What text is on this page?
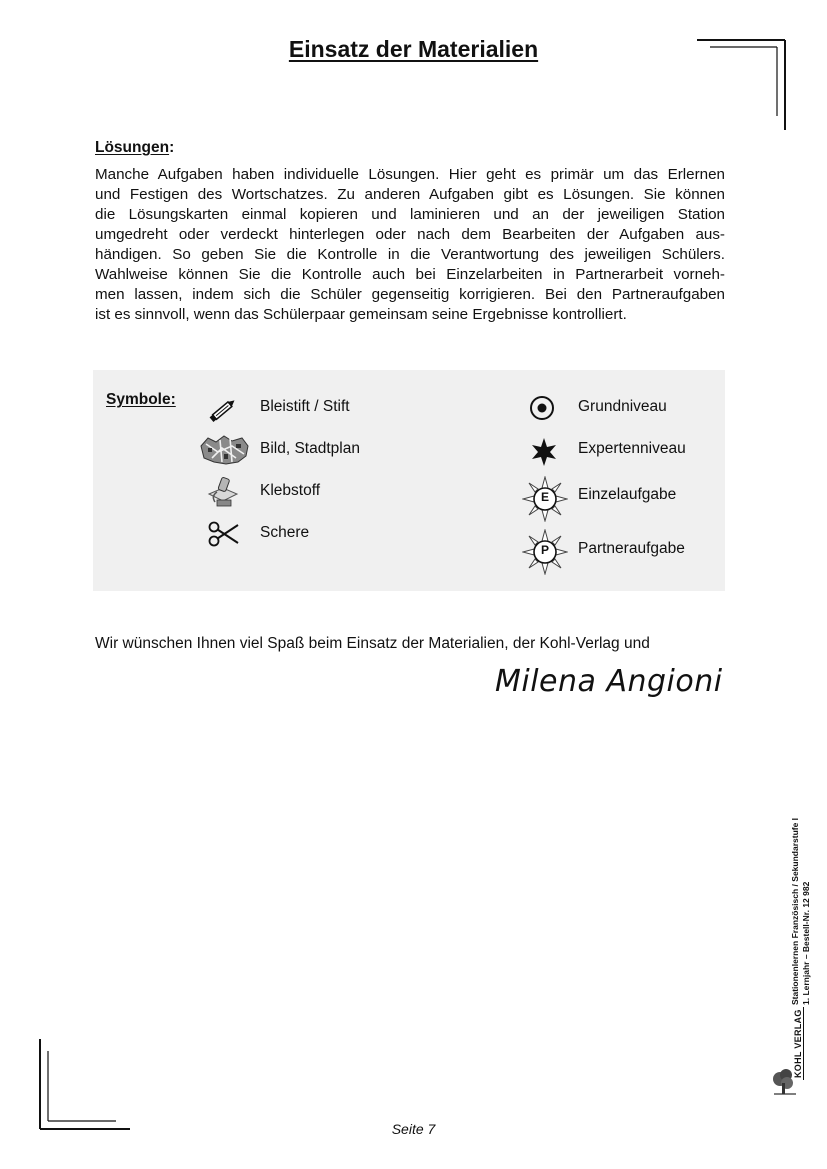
Einsatz der Materialien
Lösungen:
Manche Aufgaben haben individuelle Lösungen. Hier geht es primär um das Erlernen
und Festigen des Wortschatzes. Zu anderen Aufgaben gibt es Lösungen. Sie können
die Lösungskarten einmal kopieren und laminieren und an der jeweiligen Station
umgedreht oder verdeckt hinterlegen oder nach dem Bearbeiten der Aufgaben aus-
händigen. So geben Sie die Kontrolle in die Verantwortung des jeweiligen Schülers.
Wahlweise können Sie die Kontrolle auch bei Einzelarbeiten in Partnerarbeit vorneh-
men lassen, indem sich die Schüler gegenseitig korrigieren. Bei den Partneraufgaben
ist es sinnvoll, wenn das Schülerpaar gemeinsam seine Ergebnisse kontrolliert.
Symbole:	Bleistift / Stift
Bild, Stadtplan
Klebstoff
Schere
Grundniveau
Expertenniveau
E	Einzelaufgabe
P	Partneraufgabe
Wir wünschen Ihnen viel Spaß beim Einsatz der Materialien, der Kohl-Verlag und
Milena Angioni
Stationenlernen Französisch / Sekundarstufe I 1. Lernjahr – Bestell-Nr. 12 982
KOHL VERLAG
Seite 7
